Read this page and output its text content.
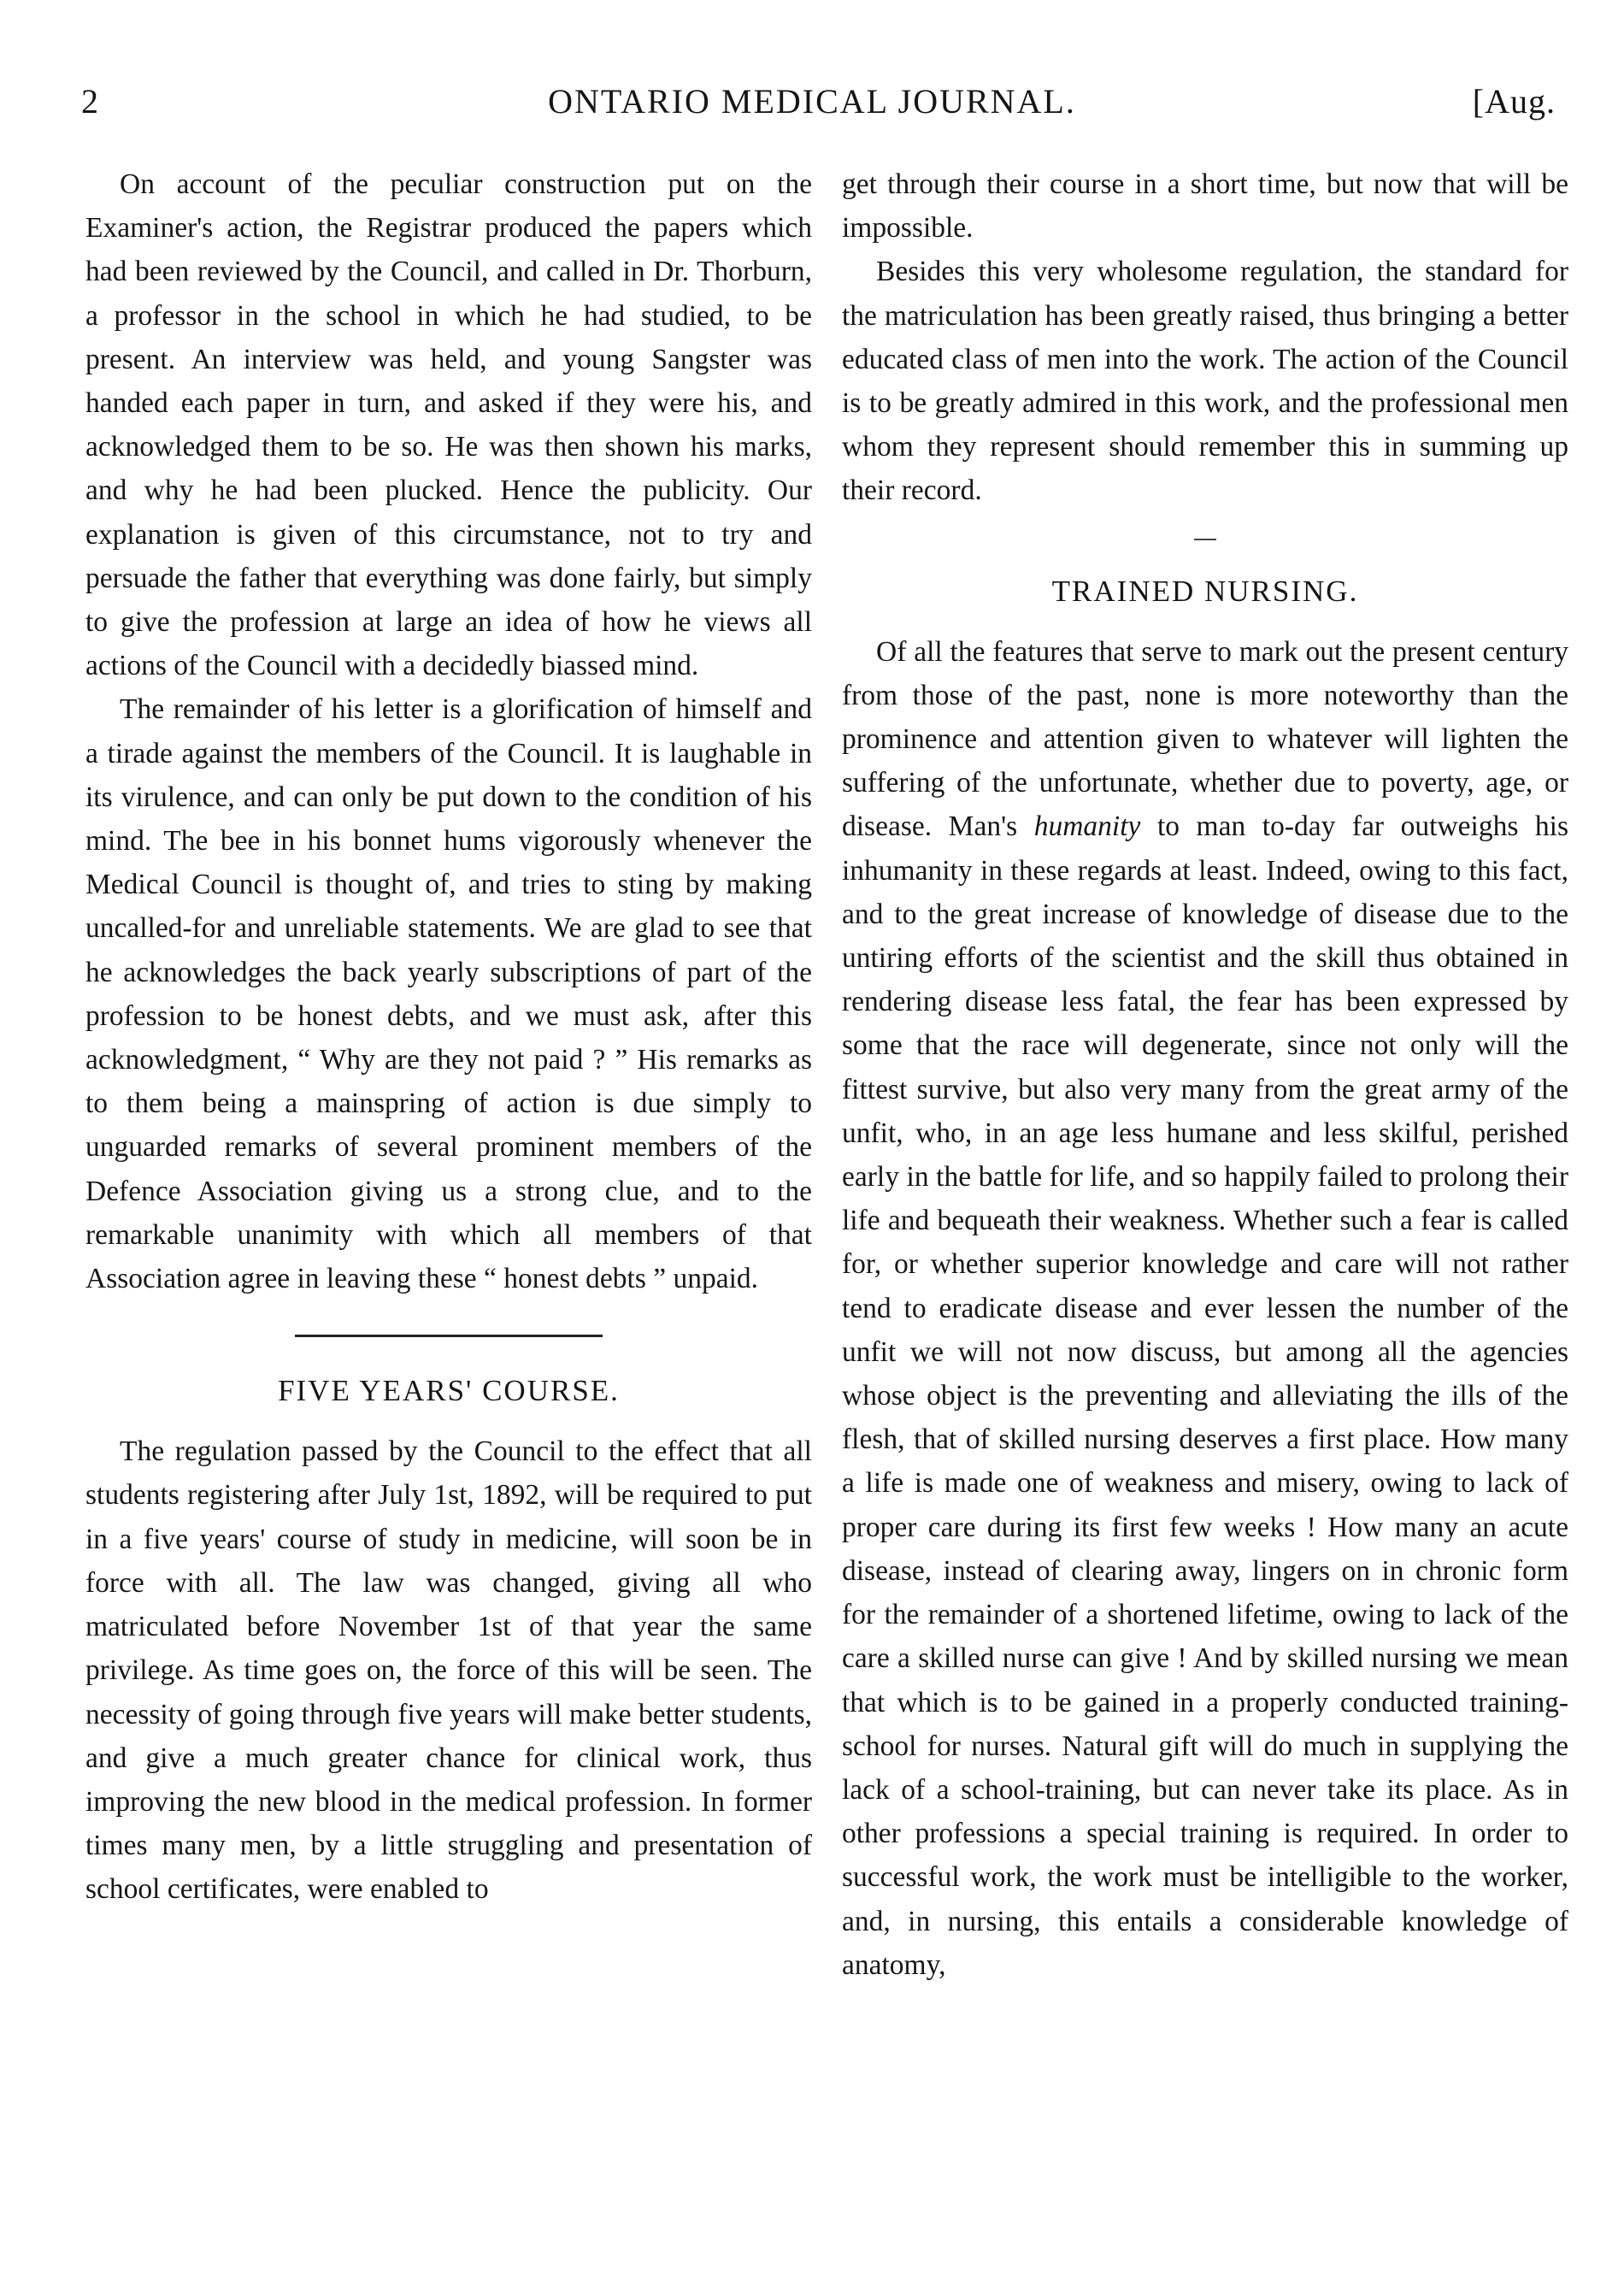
2	ONTARIO MEDICAL JOURNAL.	[Aug.

On account of the peculiar construction put on the Examiner's action, the Registrar produced the papers which had been reviewed by the Council, and called in Dr. Thorburn, a professor in the school in which he had studied, to be present. An interview was held, and young Sangster was handed each paper in turn, and asked if they were his, and acknowledged them to be so. He was then shown his marks, and why he had been plucked. Hence the publicity. Our explanation is given of this circumstance, not to try and persuade the father that everything was done fairly, but simply to give the profession at large an idea of how he views all actions of the Council with a decidedly biassed mind.

The remainder of his letter is a glorification of himself and a tirade against the members of the Council. It is laughable in its virulence, and can only be put down to the condition of his mind. The bee in his bonnet hums vigorously whenever the Medical Council is thought of, and tries to sting by making uncalled-for and unreliable statements. We are glad to see that he acknowledges the back yearly subscriptions of part of the profession to be honest debts, and we must ask, after this acknowledgment, “ Why are they not paid ? ” His remarks as to them being a mainspring of action is due simply to unguarded remarks of several prominent members of the Defence Association giving us a strong clue, and to the remarkable unanimity with which all members of that Association agree in leaving these “ honest debts ” unpaid.

FIVE YEARS' COURSE.

The regulation passed by the Council to the effect that all students registering after July 1st, 1892, will be required to put in a five years' course of study in medicine, will soon be in force with all. The law was changed, giving all who matriculated before November 1st of that year the same privilege. As time goes on, the force of this will be seen. The necessity of going through five years will make better students, and give a much greater chance for clinical work, thus improving the new blood in the medical profession. In former times many men, by a little struggling and presentation of school certificates, were enabled to

get through their course in a short time, but now that will be impossible.

Besides this very wholesome regulation, the standard for the matriculation has been greatly raised, thus bringing a better educated class of men into the work. The action of the Council is to be greatly admired in this work, and the professional men whom they represent should remember this in summing up their record.

TRAINED NURSING.

Of all the features that serve to mark out the present century from those of the past, none is more noteworthy than the prominence and attention given to whatever will lighten the suffering of the unfortunate, whether due to poverty, age, or disease. Man's humanity to man to-day far outweighs his inhumanity in these regards at least. Indeed, owing to this fact, and to the great increase of knowledge of disease due to the untiring efforts of the scientist and the skill thus obtained in rendering disease less fatal, the fear has been expressed by some that the race will degenerate, since not only will the fittest survive, but also very many from the great army of the unfit, who, in an age less humane and less skilful, perished early in the battle for life, and so happily failed to prolong their life and bequeath their weakness. Whether such a fear is called for, or whether superior knowledge and care will not rather tend to eradicate disease and ever lessen the number of the unfit we will not now discuss, but among all the agencies whose object is the preventing and alleviating the ills of the flesh, that of skilled nursing deserves a first place. How many a life is made one of weakness and misery, owing to lack of proper care during its first few weeks ! How many an acute disease, instead of clearing away, lingers on in chronic form for the remainder of a shortened lifetime, owing to lack of the care a skilled nurse can give ! And by skilled nursing we mean that which is to be gained in a properly conducted training-school for nurses. Natural gift will do much in supplying the lack of a school-training, but can never take its place. As in other professions a special training is required. In order to successful work, the work must be intelligible to the worker, and, in nursing, this entails a considerable knowledge of anatomy,
